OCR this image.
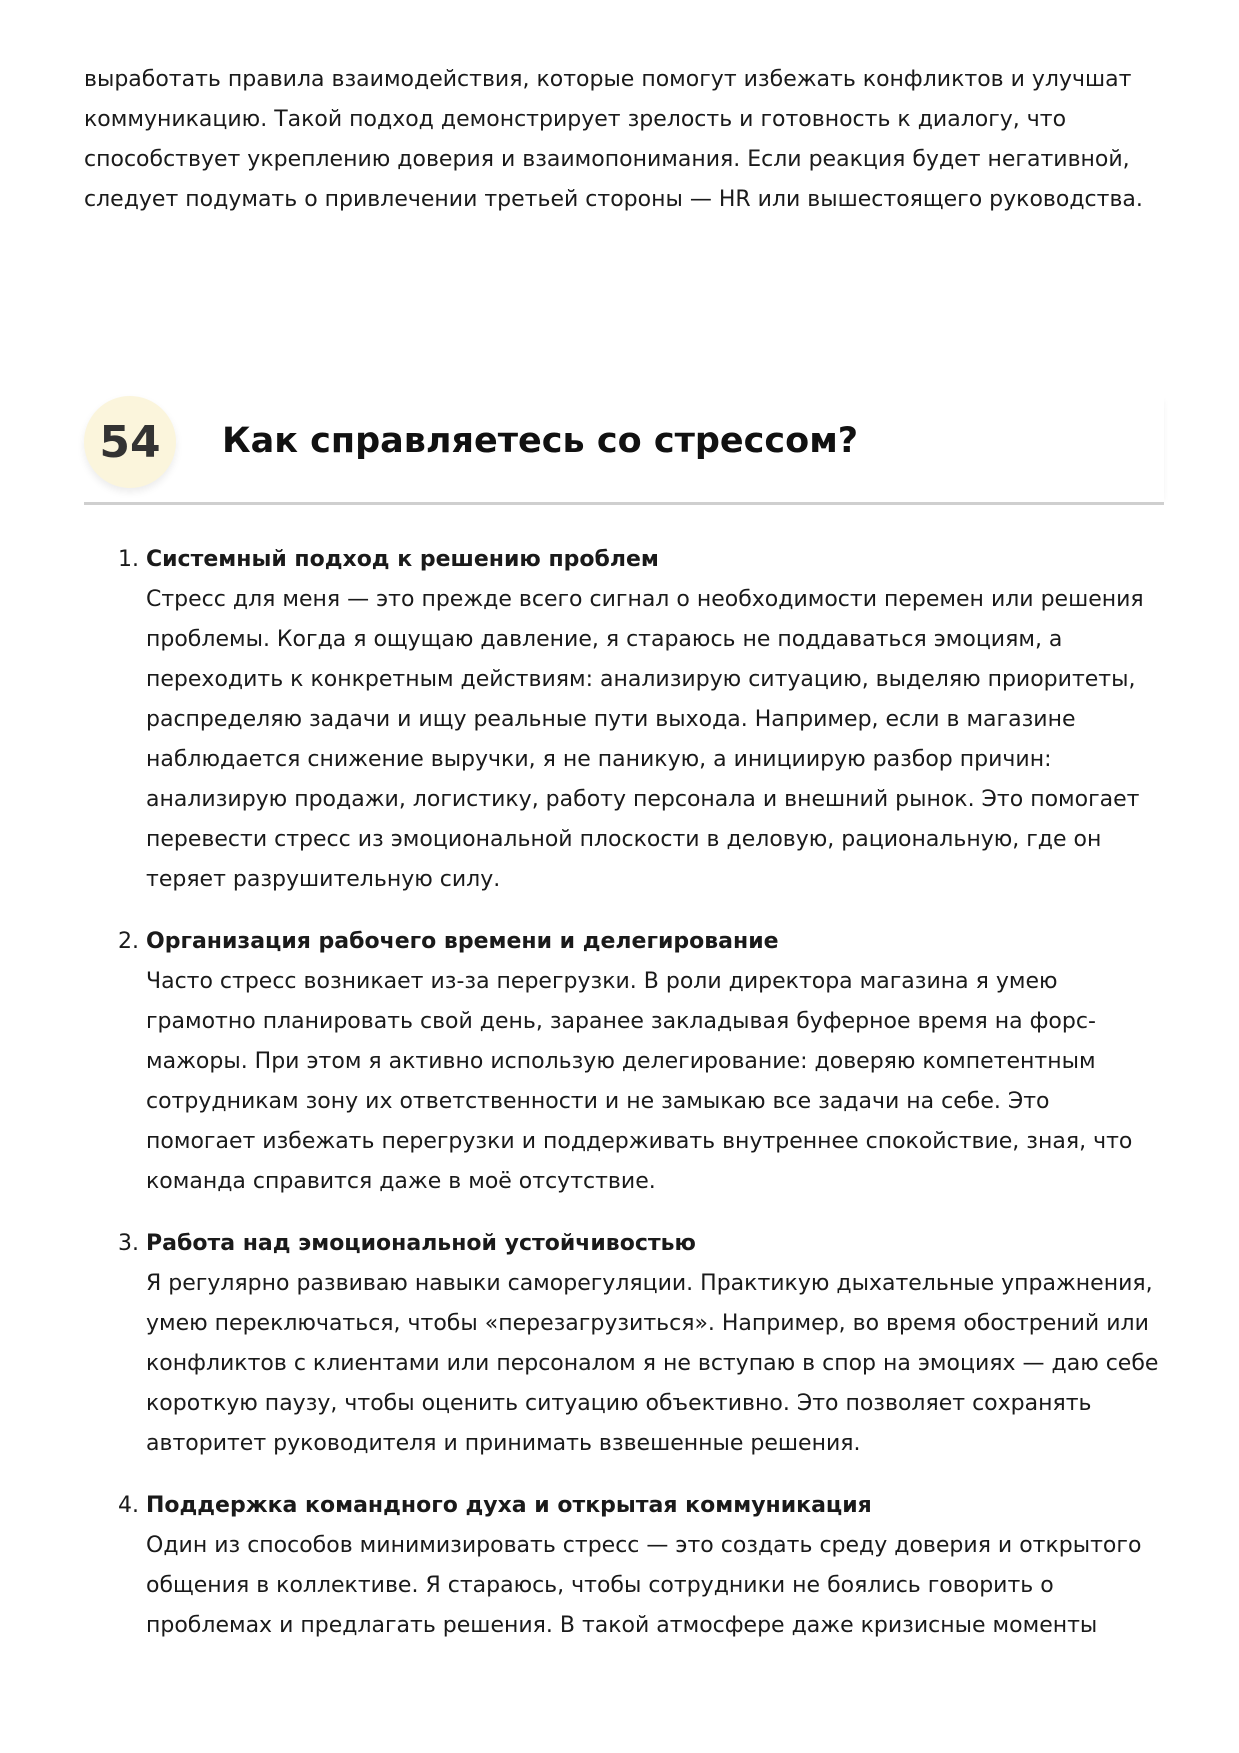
выработать правила взаимодействия, которые помогут избежать конфликтов и улучшат коммуникацию. Такой подход демонстрирует зрелость и готовность к диалогу, что способствует укреплению доверия и взаимопонимания. Если реакция будет негативной, следует подумать о привлечении третьей стороны — HR или вышестоящего руководства.

54	Как справляетесь со стрессом?
1. Системный подход к решению проблем
Стресс для меня — это прежде всего сигнал о необходимости перемен или решения проблемы. Когда я ощущаю давление, я стараюсь не поддаваться эмоциям, а переходить к конкретным действиям: анализирую ситуацию, выделяю приоритеты, распределяю задачи и ищу реальные пути выхода. Например, если в магазине наблюдается снижение выручки, я не паникую, а инициирую разбор причин: анализирую продажи, логистику, работу персонала и внешний рынок. Это помогает перевести стресс из эмоциональной плоскости в деловую, рациональную, где он теряет разрушительную силу.
2. Организация рабочего времени и делегирование
Часто стресс возникает из-за перегрузки. В роли директора магазина я умею грамотно планировать свой день, заранее закладывая буферное время на форс-мажоры. При этом я активно использую делегирование: доверяю компетентным сотрудникам зону их ответственности и не замыкаю все задачи на себе. Это помогает избежать перегрузки и поддерживать внутреннее спокойствие, зная, что команда справится даже в моё отсутствие.
3. Работа над эмоциональной устойчивостью
Я регулярно развиваю навыки саморегуляции. Практикую дыхательные упражнения, умею переключаться, чтобы «перезагрузиться». Например, во время обострений или конфликтов с клиентами или персоналом я не вступаю в спор на эмоциях — даю себе короткую паузу, чтобы оценить ситуацию объективно. Это позволяет сохранять авторитет руководителя и принимать взвешенные решения.
4. Поддержка командного духа и открытая коммуникация
Один из способов минимизировать стресс — это создать среду доверия и открытого общения в коллективе. Я стараюсь, чтобы сотрудники не боялись говорить о проблемах и предлагать решения. В такой атмосфере даже кризисные моменты
